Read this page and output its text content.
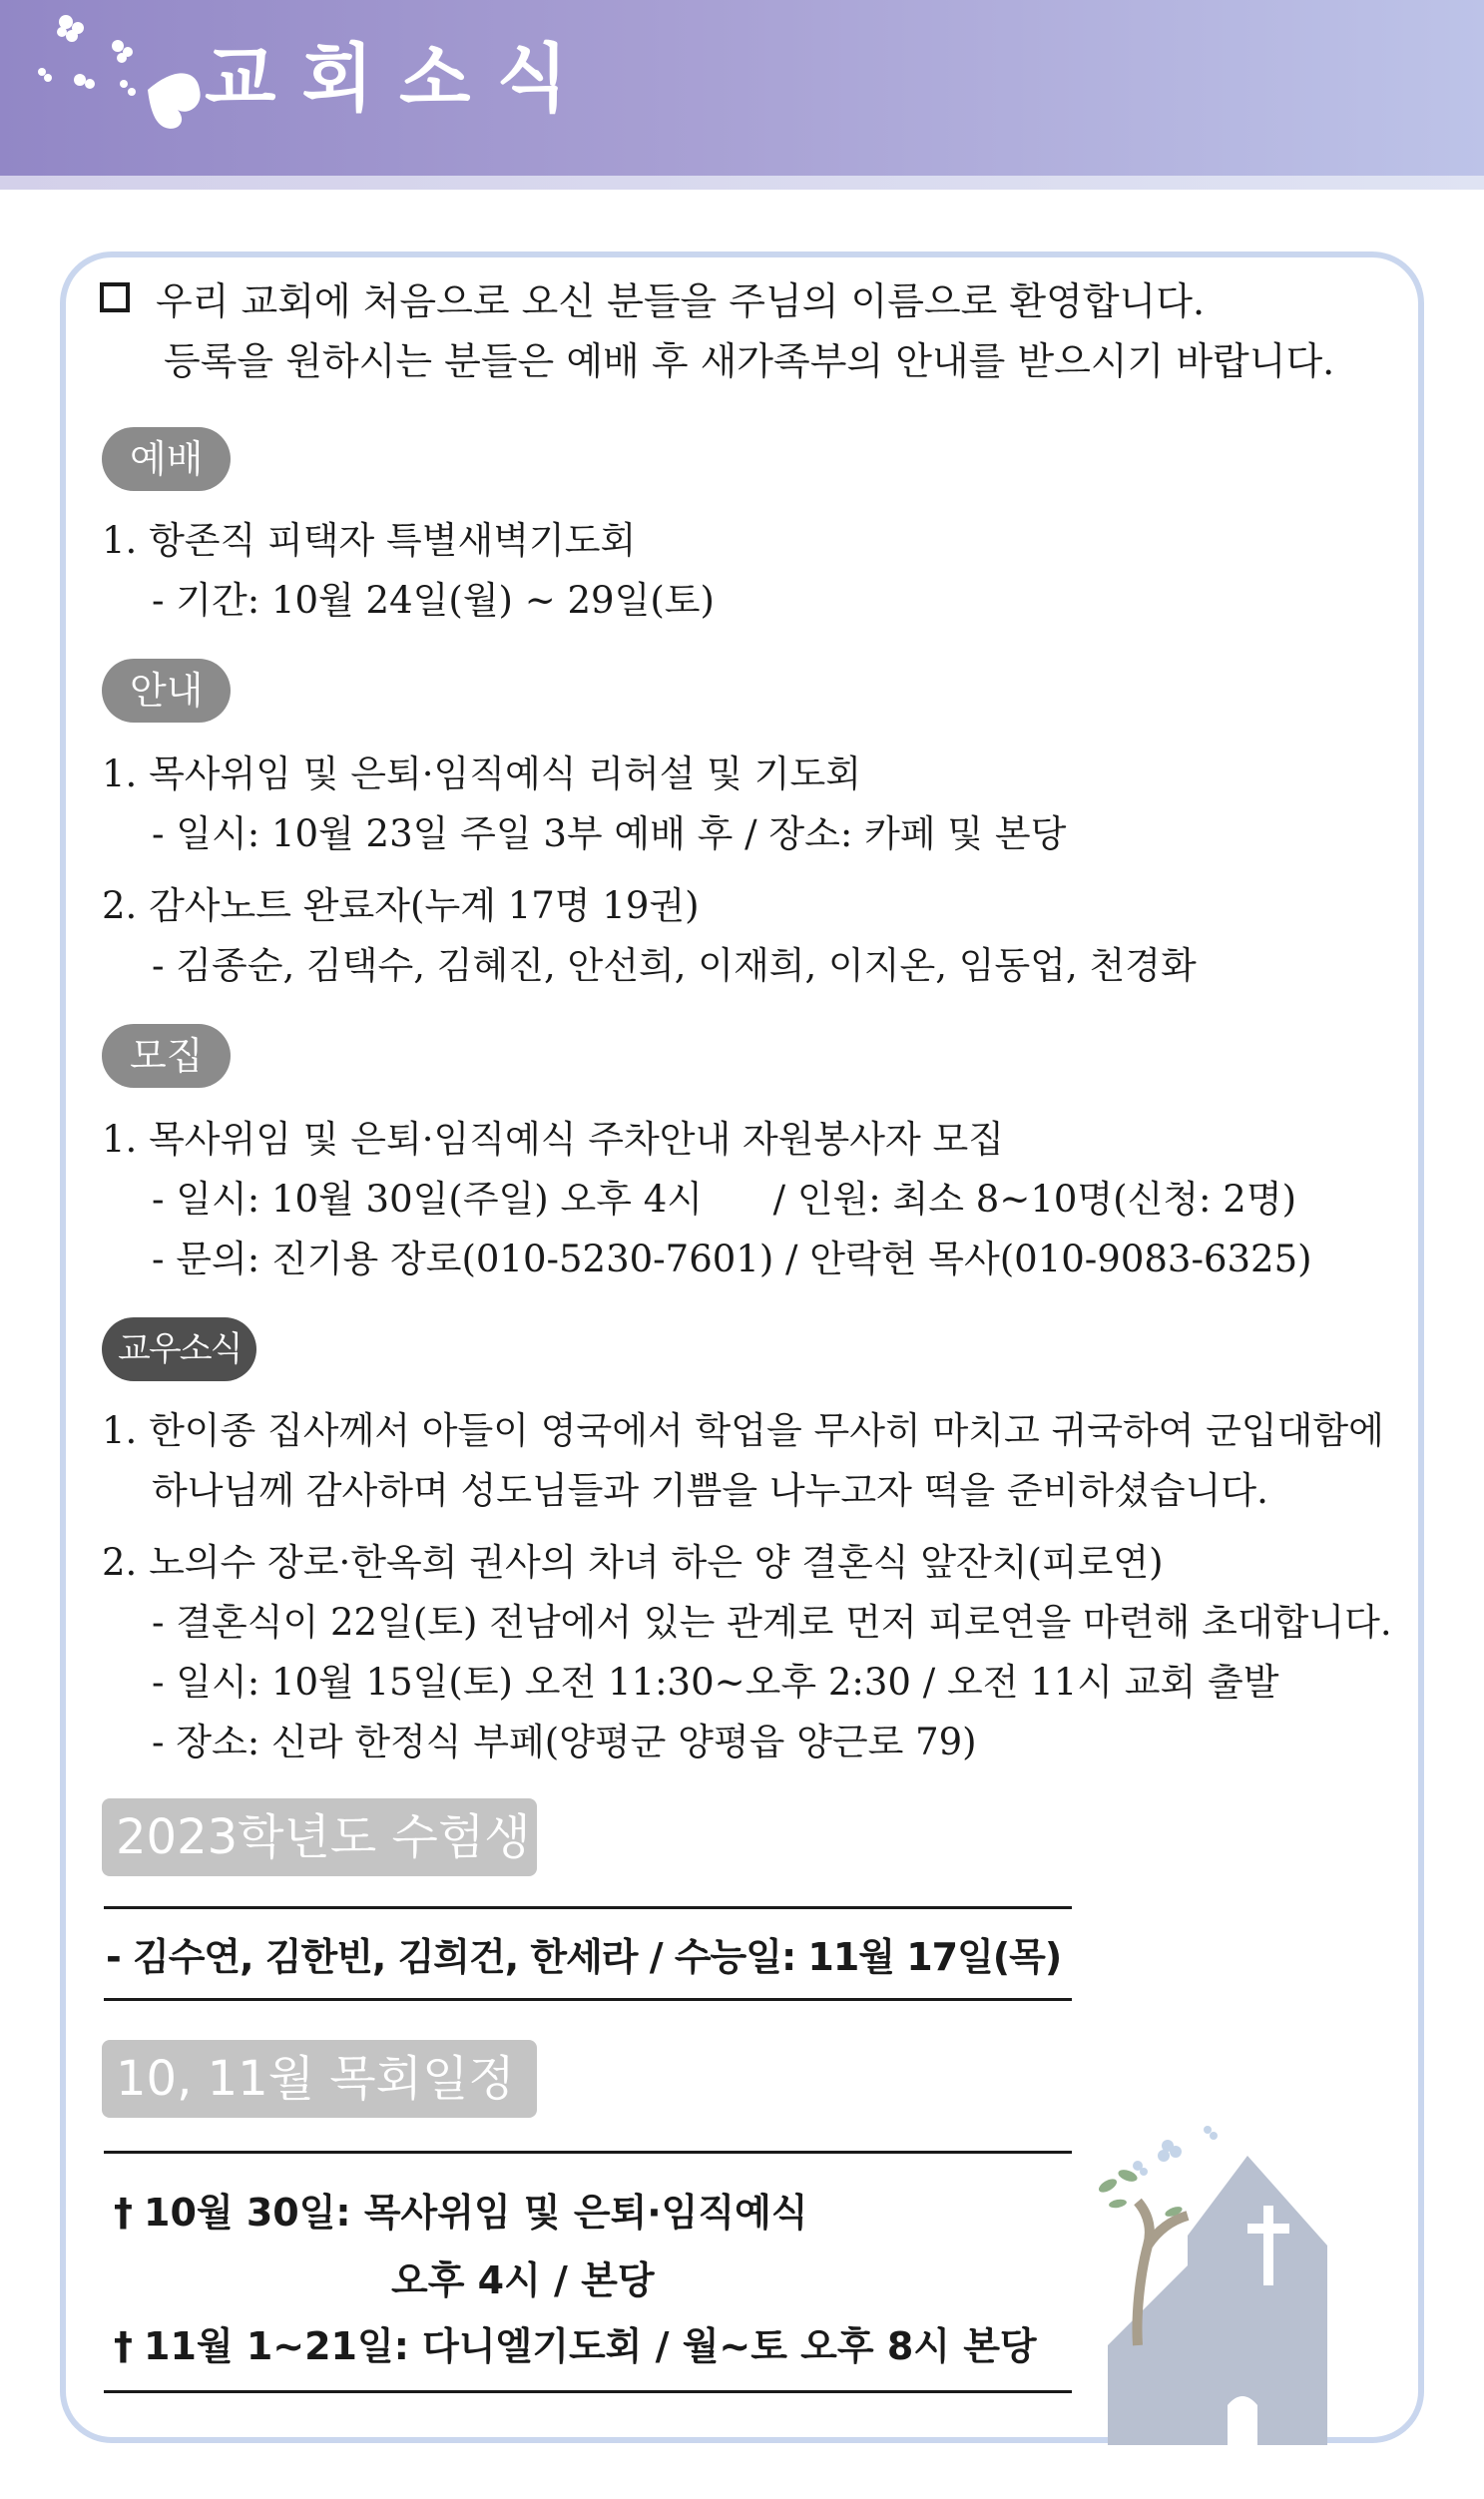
교회소식
우리 교회에 처음으로 오신 분들을 주님의 이름으로 환영합니다.
등록을 원하시는 분들은 예배 후 새가족부의 안내를 받으시기 바랍니다.
예배
1. 항존직 피택자 특별새벽기도회
- 기간: 10월 24일(월) ~ 29일(토)
안내
1. 목사위임 및 은퇴·임직예식 리허설 및 기도회
- 일시: 10월 23일 주일 3부 예배 후 / 장소: 카페 및 본당
2. 감사노트 완료자(누계 17명 19권)
- 김종순, 김택수, 김혜진, 안선희, 이재희, 이지온, 임동업, 천경화
모집
1. 목사위임 및 은퇴·임직예식 주차안내 자원봉사자 모집
- 일시: 10월 30일(주일) 오후 4시      / 인원: 최소 8~10명(신청: 2명)
- 문의: 진기용 장로(010-5230-7601) / 안락현 목사(010-9083-6325)
교우소식
1. 한이종 집사께서 아들이 영국에서 학업을 무사히 마치고 귀국하여 군입대함에
하나님께 감사하며 성도님들과 기쁨을 나누고자 떡을 준비하셨습니다.
2. 노의수 장로·한옥희 권사의 차녀 하은 양 결혼식 앞잔치(피로연)
- 결혼식이 22일(토) 전남에서 있는 관계로 먼저 피로연을 마련해 초대합니다.
- 일시: 10월 15일(토) 오전 11:30~오후 2:30 / 오전 11시 교회 출발
- 장소: 신라 한정식 부페(양평군 양평읍 양근로 79)
2023학년도 수험생
- 김수연, 김한빈, 김희건, 한세라 / 수능일: 11월 17일(목)
10, 11월 목회일정
† 10월 30일: 목사위임 및 은퇴·임직예식
오후 4시 / 본당
† 11월 1~21일: 다니엘기도회 / 월~토 오후 8시 본당
